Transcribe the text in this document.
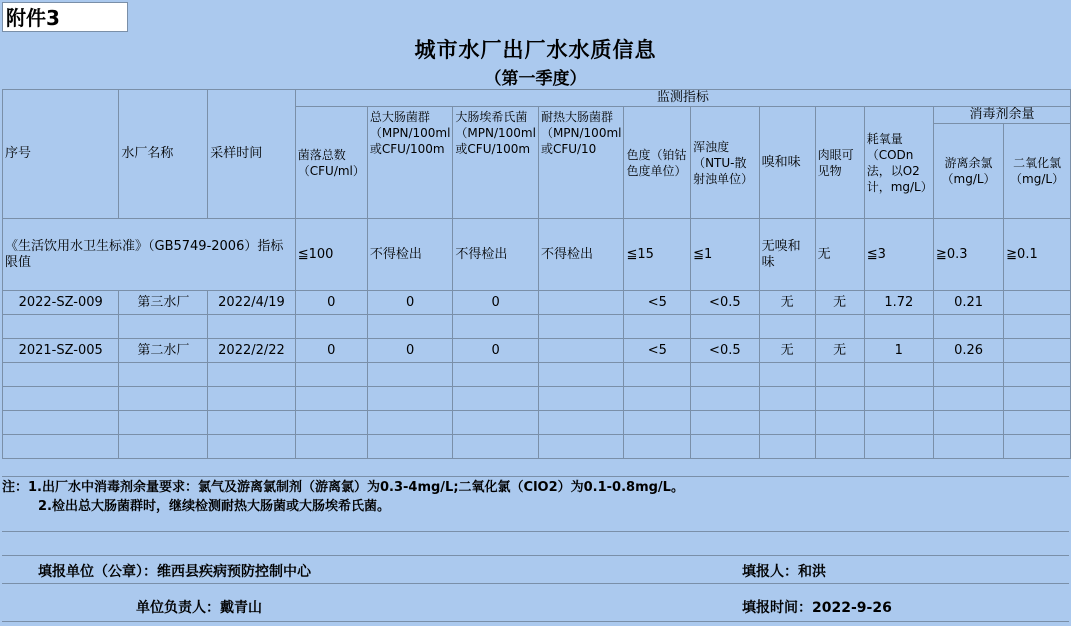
附件3
城市水厂出厂水水质信息
（第一季度）
序号	水厂名称	采样时间	监测指标										
			菌落总数（CFU/ml）	总大肠菌群（MPN/100ml或CFU/100m	大肠埃希氏菌（MPN/100ml或CFU/100m	耐热大肠菌群（MPN/100ml或CFU/10	色度（铂钴色度单位）	浑浊度（NTU-散射浊单位）	嗅和味	肉眼可见物	耗氧量（CODn法，以O2计，mg/L）	消毒剂余量	
												游离余氯（mg/L）	二氧化氯（mg/L）
《生活饮用水卫生标准》（GB5749-2006）指标限值			≦100	不得检出	不得检出	不得检出	≦15	≦1	无嗅和味	无	≦3	≧0.3	≧0.1
2022-SZ-009	第三水厂	2022/4/19	0	0	0		<5	<0.5	无	无	1.72	0.21	

2021-SZ-005	第二水厂	2022/2/22	0	0	0		<5	<0.5	无	无	1	0.26	

注：1.出厂水中消毒剂余量要求：氯气及游离氯制剂（游离氯）为0.3-4mg/L;二氧化氯（ClO2）为0.1-0.8mg/L。
2.检出总大肠菌群时，继续检测耐热大肠菌或大肠埃希氏菌。
填报单位（公章）：维西县疾病预防控制中心	填报人：和洪
单位负责人：戴青山	填报时间：2022-9-26
